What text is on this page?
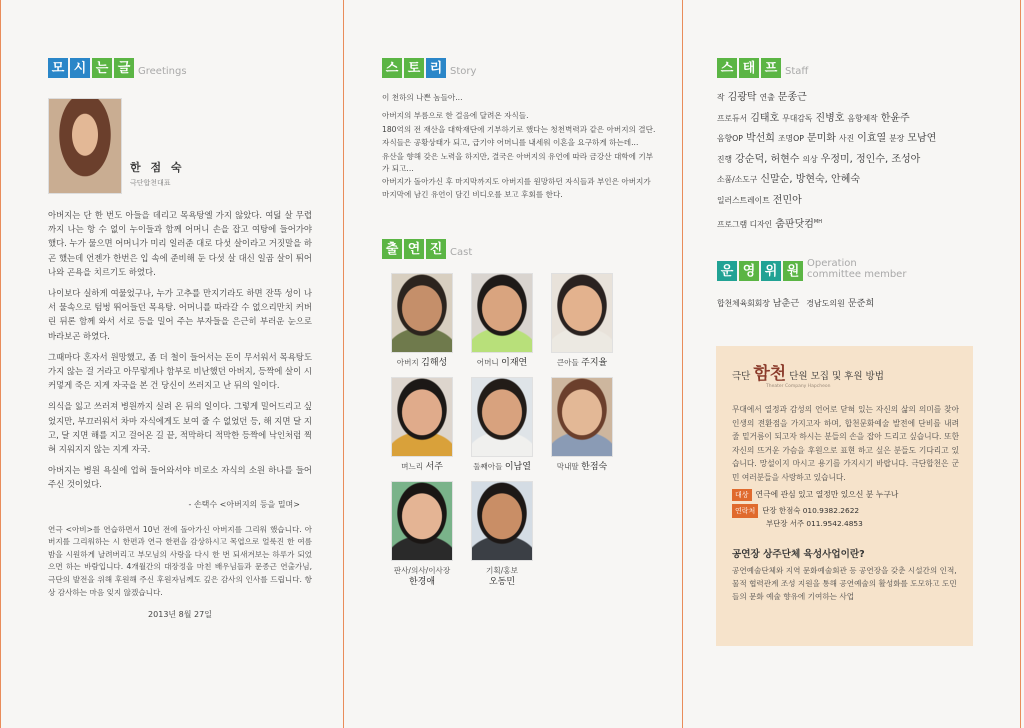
모 시 는 글 Greetings
한 점 숙
극단합천대표

아버지는 단 한 번도 아들을 데리고 목욕탕엘 가지 않았다. 여덟 살 무렵까지 나는 항 수 없이 누이들과 함께 어머니 손을 잡고 여탕에 들어가야 했다. 누가 물으면 어머니가 미리 일러준 대로 다섯 살이라고 거짓말을 하곤 했는데 언젠가 한번은 입 속에 준비해 둔 다섯 살 대신 일곱 살이 튀어나와 곤욕을 치르기도 하였다.

나이보다 실하게 여물었구나, 누가 고추를 만지기라도 하면 잔뜩 성이 나서 물속으로 텀벙 뛰어들던 목욕탕. 어머니를 따라갈 수 없으리만치 커버린 뒤론 함께 와서 서로 등을 밀어 주는 부자들을 은근히 부러운 눈으로 바라보곤 하였다.

그때마다 혼자서 원망했고, 좀 더 철이 들어서는 돈이 무서워서 목욕탕도 가지 않는 걸 거라고 아무렇게나 함부로 비난했던 아버지, 등짝에 살이 시커멓게 죽은 지게 자국을 본 건 당신이 쓰러지고 난 뒤의 일이다.

의식을 잃고 쓰러져 병원까지 실려 온 뒤의 일이다. 그렇게 밀어드리고 싶었지만, 부끄러워서 차마 자식에게도 보여 줄 수 없었던 등, 해 지면 달 지고, 달 지면 해를 지고 걸어온 길 끝, 적막하디 적막한 등짝에 낙인처럼 찍혀 지워지지 않는 지게 자국.

아버지는 병원 욕실에 업혀 들어와서야 비로소 자식의 소원 하나를 들어주신 것이었다.

- 손택수 <아버지의 등을 밀며>

연극 <아비>를 연습하면서 10년 전에 돌아가신 아버지를 그리워 했습니다. 아버지를 그리워하는 시 한편과 연극 한편을 감상하시고 목엽으로 얼룩진 한 여름밤을 시원하게 날려버리고 부모님의 사랑을 다시 한 번 되새겨보는 하루가 되었으면 하는 바람입니다. 4개월간의 대장정을 마친 배우님들과 문종근 연출가님, 극단의 발전을 위해 후원해 주신 후원자님께도 깊은 감사의 인사를 드립니다. 항상 감사하는 마음 잊지 않겠습니다.

2013년 8월 27일
스 토 리 Story
이 천하의 나쁜 놈들아...
아버지의 부름으로 한 걸음에 달려온 자식들.
180억의 전 재산을 대학재단에 기부하기로 했다는 청천벽력과 같은 아버지의 결단.
자식들은 공황상태가 되고, 급기야 어머니를 내세워 이혼을 요구하게 하는데...
유산을 향해 갖은 노력을 하지만, 결국은 아버지의 유언에 따라 금강산 대학에 기부가 되고...
아버지가 돌아가신 후 마지막까지도 아버지를 원망하던 자식들과 부인은 아버지가 마지막에 남긴 유언이 담긴 비디오를 보고 후회를 한다.
출 연 진 Cast
아버지 김해성	어머니 이재연	큰아들 주지율
며느리 서주	둘째아들 이남열	막내딸 한점숙
판사/의사/이사장
한경애
기획/홍보
오동민
스 태 프 Staff
작 김광탁 연출 문종근
프로듀서 김태호 무대감독 진병호 음향제작 한윤주
음향OP 박선희 조명OP 문미화 사진 이효열 분장 모남연
진행 강순덕, 허현수 의상 우정미, 정인수, 조성아
소품/소도구 신말순, 방현숙, 안혜숙
일러스트레이트 전민아
프로그램 디자인 춤판닷컴$^{MH}$
운 영 위 원 Operation
committee member
합천체육회회장 남춘근 경남도의원 문준희
극단 함천 단원 모집 및 후원 방법
Theater Company Hapcheon

무대에서 열정과 감성의 언어로 닫혀 있는 자신의 삶의 의미를 찾아 인생의 전환점을 가지고자 하며, 합천문화예술 발전에 단비를 내려줄 밑거름이 되고자 하시는 분들의 손을 잡아 드리고 싶습니다. 또한 자신의 뜨거운 가슴을 후원으로 표현 하고 싶은 분들도 기다리고 있습니다. 망설이지 마시고 용기를 가지시기 바랍니다. 극단합천은 군민 여러분들을 사랑하고 있습니다.

대상 연극에 관심 있고 열정만 있으신 분 누구나
연락처 단장 한점숙 010.9382.2622
부단장 서주 011.9542.4853
공연장 상주단체 육성사업이란?

공연예술단체와 지역 문화예술회관 등 공연장을 갖춘 시설간의 인적, 물적 협력관계 조성 지원을 통해 공연예술의 활성화를 도모하고 도민들의 문화 예술 향유에 기여하는 사업
